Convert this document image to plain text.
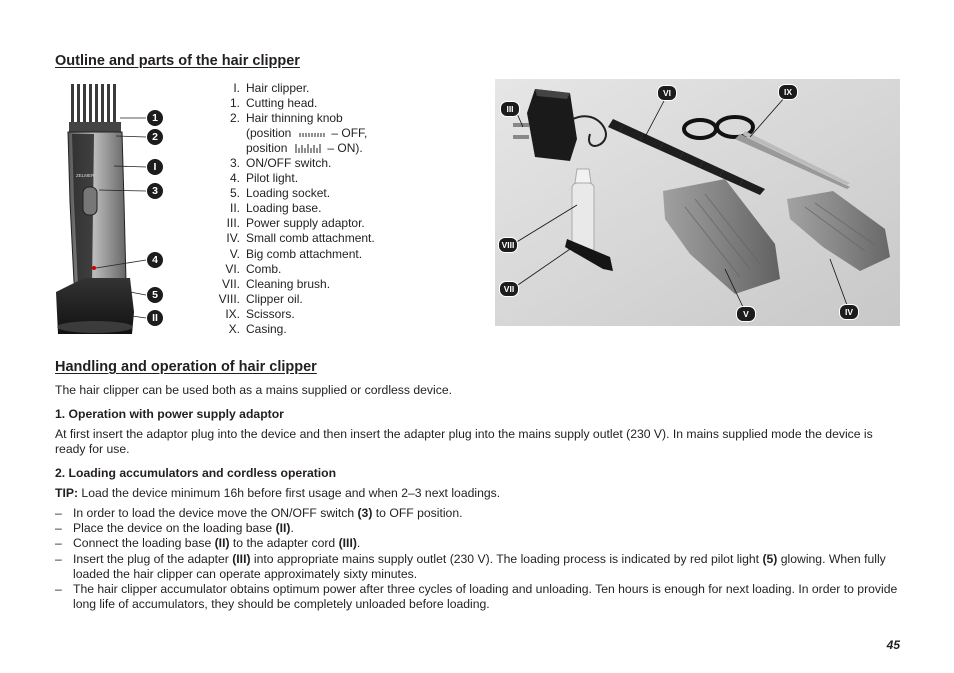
Outline and parts of the hair clipper
ZELMER
1
2
I
3
4
5
II
I. Hair clipper.
1. Cutting head.
2. Hair thinning knob
(position	– OFF,
position	– ON).
3. ON/OFF switch.
4. Pilot light.
5. Loading socket.
II. Loading base.
III. Power supply adaptor.
IV. Small comb attachment.
V. Big comb attachment.
VI. Comb.
VII. Cleaning brush.
VIII. Clipper oil.
IX. Scissors.
X. Casing.
VI	IX
III
VIII
VII
V	IV
Handling and operation of hair clipper
The hair clipper can be used both as a mains supplied or cordless device.
1. Operation with power supply adaptor
At first insert the adaptor plug into the device and then insert the adapter plug into the mains supply outlet (230 V). In mains supplied mode the device is ready for use.
2. Loading accumulators and cordless operation
TIP: Load the device minimum 16h before first usage and when 2–3 next loadings.
– In order to load the device move the ON/OFF switch (3) to OFF position.
– Place the device on the loading base (II).
– Connect the loading base (II) to the adapter cord (III).
– Insert the plug of the adapter (III) into appropriate mains supply outlet (230 V). The loading process is indicated by red pilot light (5) glowing. When fully loaded the hair clipper can operate approximately sixty minutes.
– The hair clipper accumulator obtains optimum power after three cycles of loading and unloading. Ten hours is enough for next loading. In order to provide long life of accumulators, they should be completely unloaded before loading.
45
